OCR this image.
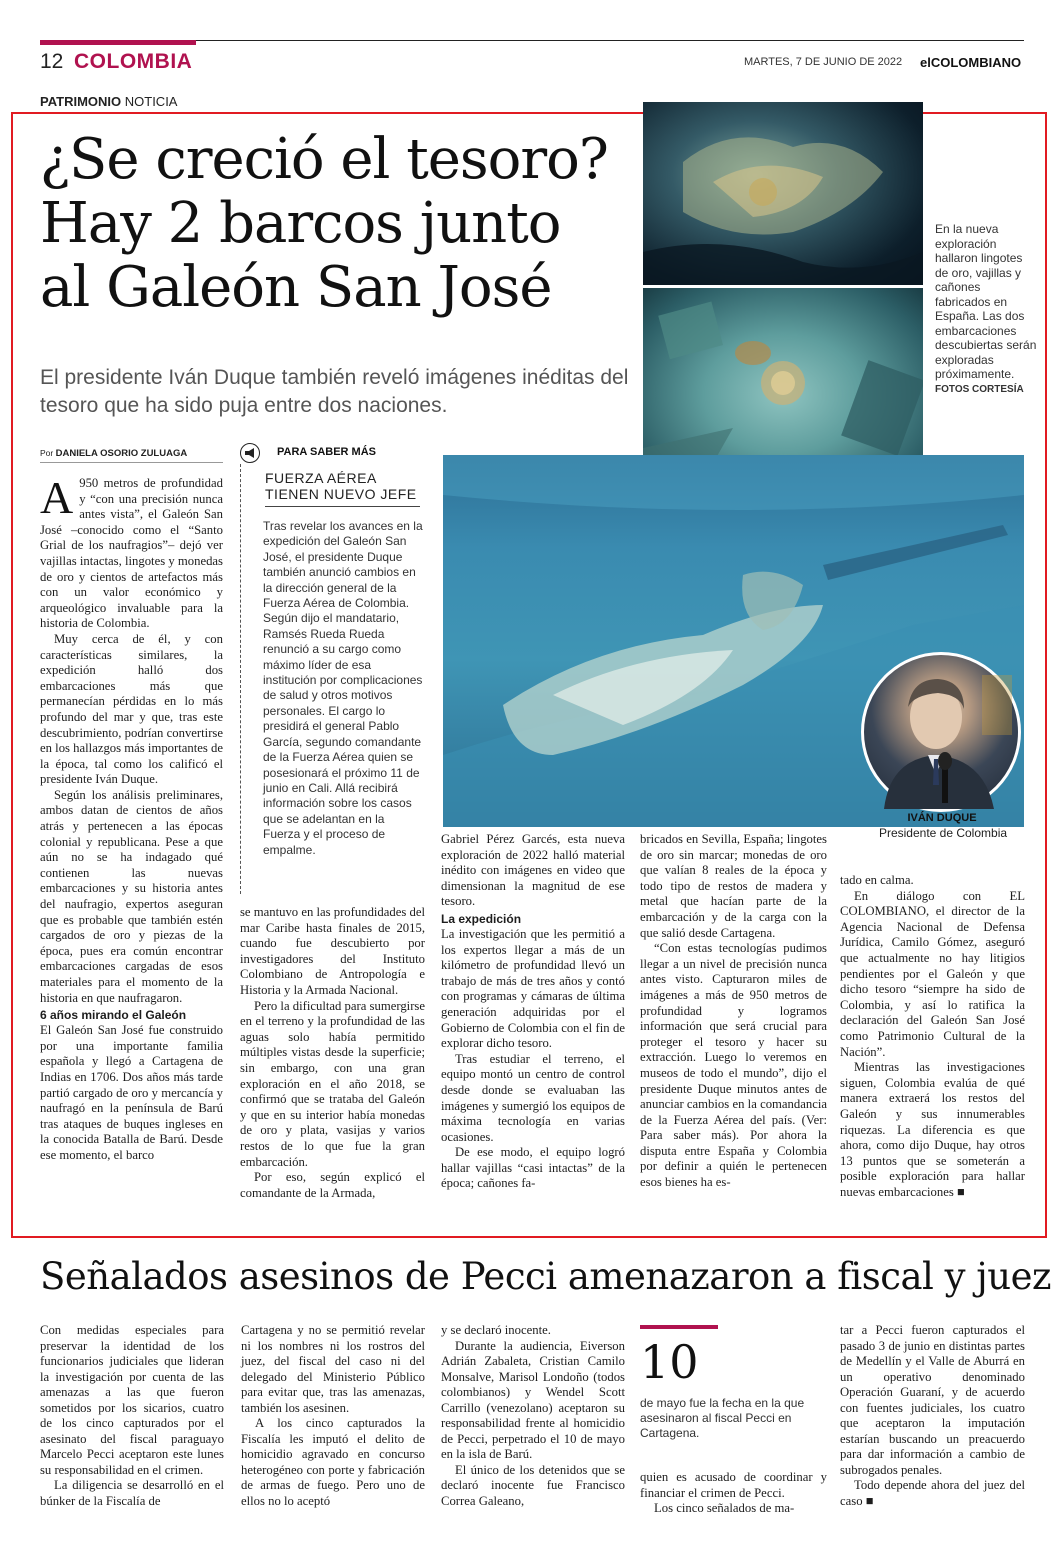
12 COLOMBIA	MARTES, 7 DE JUNIO DE 2022 elCOLOMBIANO
PATRIMONIO NOTICIA
¿Se creció el tesoro?
Hay 2 barcos junto
al Galeón San José
El presidente Iván Duque también reveló imágenes inéditas del tesoro que ha sido puja entre dos naciones.
En la nueva exploración hallaron lingotes de oro, vajillas y cañones fabricados en España. Las dos embarcaciones descubiertas serán exploradas próximamente.
FOTOS CORTESÍA
IVÁN DUQUE
Presidente de Colombia
Por DANIELA OSORIO ZULUAGA
A 950 metros de profundidad y “con una precisión nunca antes vista”, el Galeón San José –conocido como el “Santo Grial de los naufragios”– dejó ver vajillas intactas, lingotes y monedas de oro y cientos de artefactos más con un valor económico y arqueológico invaluable para la historia de Colombia.

Muy cerca de él, y con características similares, la expedición halló dos embarcaciones más que permanecían pérdidas en lo más profundo del mar y que, tras este descubrimiento, podrían convertirse en los hallazgos más importantes de la época, tal como los calificó el presidente Iván Duque.

Según los análisis preliminares, ambos datan de cientos de años atrás y pertenecen a las épocas colonial y republicana. Pese a que aún no se ha indagado qué contienen las nuevas embarcaciones y su historia antes del naufragio, expertos aseguran que es probable que también estén cargados de oro y piezas de la época, pues era común encontrar embarcaciones cargadas de esos materiales para el momento de la historia en que naufragaron.

6 años mirando el Galeón

El Galeón San José fue construido por una importante familia española y llegó a Cartagena de Indias en 1706. Dos años más tarde partió cargado de oro y mercancía y naufragó en la península de Barú tras ataques de buques ingleses en la conocida Batalla de Barú. Desde ese momento, el barco

PARA SABER MÁS
FUERZA AÉREA TIENEN NUEVO JEFE
Tras revelar los avances en la expedición del Galeón San José, el presidente Duque también anunció cambios en la dirección general de la Fuerza Aérea de Colombia. Según dijo el mandatario, Ramsés Rueda Rueda renunció a su cargo como máximo líder de esa institución por complicaciones de salud y otros motivos personales. El cargo lo presidirá el general Pablo García, segundo comandante de la Fuerza Aérea quien se posesionará el próximo 11 de junio en Cali. Allá recibirá información sobre los casos que se adelantan en la Fuerza y el proceso de empalme.

se mantuvo en las profundidades del mar Caribe hasta finales de 2015, cuando fue descubierto por investigadores del Instituto Colombiano de Antropología e Historia y la Armada Nacional.

Pero la dificultad para sumergirse en el terreno y la profundidad de las aguas solo había permitido múltiples vistas desde la superficie; sin embargo, con una gran exploración en el año 2018, se confirmó que se trataba del Galeón y que en su interior había monedas de oro y plata, vasijas y varios restos de lo que fue la gran embarcación.

Por eso, según explicó el comandante de la Armada,

Gabriel Pérez Garcés, esta nueva exploración de 2022 halló material inédito con imágenes en video que dimensionan la magnitud de ese tesoro.

La expedición

La investigación que les permitió a los expertos llegar a más de un kilómetro de profundidad llevó un trabajo de más de tres años y contó con programas y cámaras de última generación adquiridas por el Gobierno de Colombia con el fin de explorar dicho tesoro.

Tras estudiar el terreno, el equipo montó un centro de control desde donde se evaluaban las imágenes y sumergió los equipos de máxima tecnología en varias ocasiones.

De ese modo, el equipo logró hallar vajillas “casi intactas” de la época; cañones fa-

bricados en Sevilla, España; lingotes de oro sin marcar; monedas de oro que valían 8 reales de la época y todo tipo de restos de madera y metal que hacían parte de la embarcación y de la carga con la que salió desde Cartagena.

“Con estas tecnologías pudimos llegar a un nivel de precisión nunca antes visto. Capturaron miles de imágenes a más de 950 metros de profundidad y logramos información que será crucial para proteger el tesoro y hacer su extracción. Luego lo veremos en museos de todo el mundo”, dijo el presidente Duque minutos antes de anunciar cambios en la comandancia de la Fuerza Aérea del país. (Ver: Para saber más). Por ahora la disputa entre España y Colombia por definir a quién le pertenecen esos bienes ha es-

tado en calma.

En diálogo con EL COLOMBIANO, el director de la Agencia Nacional de Defensa Jurídica, Camilo Gómez, aseguró que actualmente no hay litigios pendientes por el Galeón y que dicho tesoro “siempre ha sido de Colombia, y así lo ratifica la declaración del Galeón San José como Patrimonio Cultural de la Nación”.

Mientras las investigaciones siguen, Colombia evalúa de qué manera extraerá los restos del Galeón y sus innumerables riquezas. La diferencia es que ahora, como dijo Duque, hay otros 13 puntos que se someterán a posible exploración para hallar nuevas embarcaciones ■

Señalados asesinos de Pecci amenazaron a fiscal y juez

Con medidas especiales para preservar la identidad de los funcionarios judiciales que lideran la investigación por cuenta de las amenazas a las que fueron sometidos por los sicarios, cuatro de los cinco capturados por el asesinato del fiscal paraguayo Marcelo Pecci aceptaron este lunes su responsabilidad en el crimen.

La diligencia se desarrolló en el búnker de la Fiscalía de

Cartagena y no se permitió revelar ni los nombres ni los rostros del juez, del fiscal del caso ni del delegado del Ministerio Público para evitar que, tras las amenazas, también los asesinen.

A los cinco capturados la Fiscalía les imputó el delito de homicidio agravado en concurso heterogéneo con porte y fabricación de armas de fuego. Pero uno de ellos no lo aceptó

y se declaró inocente.

Durante la audiencia, Eiverson Adrián Zabaleta, Cristian Camilo Monsalve, Marisol Londoño (todos colombianos) y Wendel Scott Carrillo (venezolano) aceptaron su responsabilidad frente al homicidio de Pecci, perpetrado el 10 de mayo en la isla de Barú.

El único de los detenidos que se declaró inocente fue Francisco Correa Galeano,

10
de mayo fue la fecha en la que asesinaron al fiscal Pecci en Cartagena.

quien es acusado de coordinar y financiar el crimen de Pecci.

Los cinco señalados de ma-

tar a Pecci fueron capturados el pasado 3 de junio en distintas partes de Medellín y el Valle de Aburrá en un operativo denominado Operación Guaraní, y de acuerdo con fuentes judiciales, los cuatro que aceptaron la imputación estarían buscando un preacuerdo para dar información a cambio de subrogados penales.

Todo depende ahora del juez del caso ■
